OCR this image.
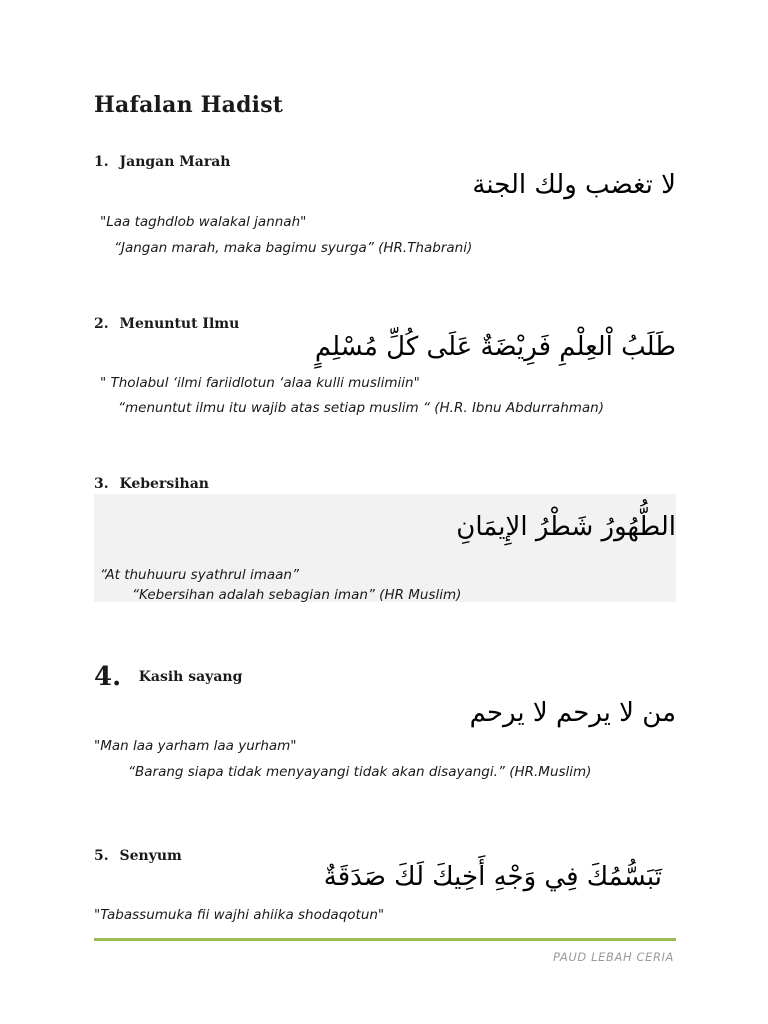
Hafalan Hadist
1. Jangan Marah
لا تغضب ولك الجنة
"Laa taghdlob walakal jannah"
“Jangan marah, maka bagimu syurga” (HR.Thabrani)
2. Menuntut Ilmu
طَلَبُ اْلعِلْمِ فَرِيْضَةٌ عَلَى كُلِّ مُسْلِمٍ
" Tholabul ‘ilmi fariidlotun ‘alaa kulli muslimiin"
“menuntut ilmu itu wajib atas setiap muslim “ (H.R. Ibnu Abdurrahman)
3. Kebersihan
الطُّهُورُ شَطْرُ الإِيمَانِ
“At thuhuuru syathrul imaan”
“Kebersihan adalah sebagian iman” (HR Muslim)
4. Kasih sayang
من لا يرحم لا يرحم
"Man laa yarham laa yurham"
“Barang siapa tidak menyayangi tidak akan disayangi.” (HR.Muslim)
5. Senyum
تَبَسُّمُكَ فِي وَجْهِ أَخِيكَ لَكَ صَدَقَةٌ
"Tabassumuka fii wajhi ahiika shodaqotun"
PAUD LEBAH CERIA
